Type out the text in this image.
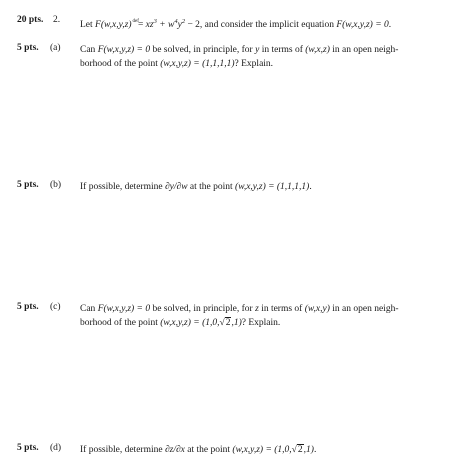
20 pts. 2. Let $F(w,x,y,z)^{def}= xz^3 + w^4y^2 - 2$, and consider the implicit equation F(w,x,y,z) = 0.
5 pts. (a) Can F(w,x,y,z) = 0 be solved, in principle, for y in terms of (w,x,z) in an open neigh-
borhood of the point (w,x,y,z) = (1,1,1,1)? Explain.
5 pts. (b) If possible, determine ∂y/∂w at the point (w,x,y,z) = (1,1,1,1).
5 pts. (c) Can F(w,x,y,z) = 0 be solved, in principle, for z in terms of (w,x,y) in an open neigh-
borhood of the point (w,x,y,z) = (1,0,√2,1)? Explain.
5 pts. (d) If possible, determine ∂z/∂x at the point (w,x,y,z) = (1,0,√2,1).
